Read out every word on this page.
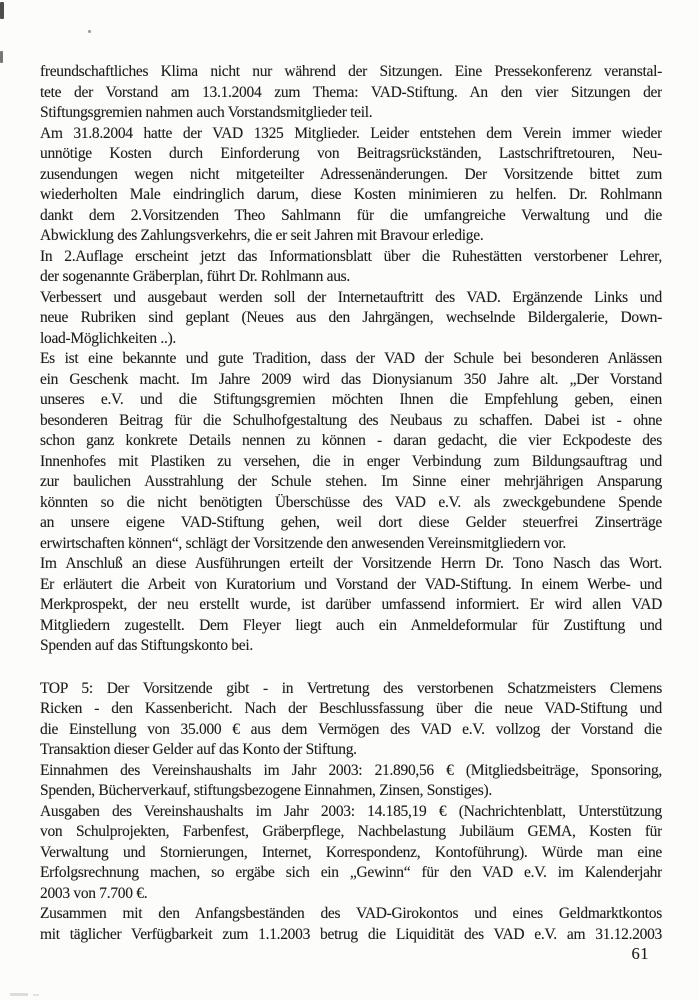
freundschaftliches Klima nicht nur während der Sitzungen. Eine Pressekonferenz veranstal-
tete der Vorstand am 13.1.2004 zum Thema: VAD-Stiftung. An den vier Sitzungen der
Stiftungsgremien nahmen auch Vorstandsmitglieder teil.
Am 31.8.2004 hatte der VAD 1325 Mitglieder. Leider entstehen dem Verein immer wieder
unnötige Kosten durch Einforderung von Beitragsrückständen, Lastschriftretouren, Neu-
zusendungen wegen nicht mitgeteilter Adressenänderungen. Der Vorsitzende bittet zum
wiederholten Male eindringlich darum, diese Kosten minimieren zu helfen. Dr. Rohlmann
dankt dem 2.Vorsitzenden Theo Sahlmann für die umfangreiche Verwaltung und die
Abwicklung des Zahlungsverkehrs, die er seit Jahren mit Bravour erledige.
In 2.Auflage erscheint jetzt das Informationsblatt über die Ruhestätten verstorbener Lehrer,
der sogenannte Gräberplan, führt Dr. Rohlmann aus.
Verbessert und ausgebaut werden soll der Internetauftritt des VAD. Ergänzende Links und
neue Rubriken sind geplant (Neues aus den Jahrgängen, wechselnde Bildergalerie, Down-
load-Möglichkeiten ..).
Es ist eine bekannte und gute Tradition, dass der VAD der Schule bei besonderen Anlässen
ein Geschenk macht. Im Jahre 2009 wird das Dionysianum 350 Jahre alt. „Der Vorstand
unseres e.V. und die Stiftungsgremien möchten Ihnen die Empfehlung geben, einen
besonderen Beitrag für die Schulhofgestaltung des Neubaus zu schaffen. Dabei ist - ohne
schon ganz konkrete Details nennen zu können - daran gedacht, die vier Eckpodeste des
Innenhofes mit Plastiken zu versehen, die in enger Verbindung zum Bildungsauftrag und
zur baulichen Ausstrahlung der Schule stehen. Im Sinne einer mehrjährigen Ansparung
könnten so die nicht benötigten Überschüsse des VAD e.V. als zweckgebundene Spende
an unsere eigene VAD-Stiftung gehen, weil dort diese Gelder steuerfrei Zinserträge
erwirtschaften können“, schlägt der Vorsitzende den anwesenden Vereinsmitgliedern vor.
Im Anschluß an diese Ausführungen erteilt der Vorsitzende Herrn Dr. Tono Nasch das Wort.
Er erläutert die Arbeit von Kuratorium und Vorstand der VAD-Stiftung. In einem Werbe- und
Merkprospekt, der neu erstellt wurde, ist darüber umfassend informiert. Er wird allen VAD
Mitgliedern zugestellt. Dem Fleyer liegt auch ein Anmeldeformular für Zustiftung und
Spenden auf das Stiftungskonto bei.
TOP 5: Der Vorsitzende gibt - in Vertretung des verstorbenen Schatzmeisters Clemens
Ricken - den Kassenbericht. Nach der Beschlussfassung über die neue VAD-Stiftung und
die Einstellung von 35.000 € aus dem Vermögen des VAD e.V. vollzog der Vorstand die
Transaktion dieser Gelder auf das Konto der Stiftung.
Einnahmen des Vereinshaushalts im Jahr 2003: 21.890,56 € (Mitgliedsbeiträge, Sponsoring,
Spenden, Bücherverkauf, stiftungsbezogene Einnahmen, Zinsen, Sonstiges).
Ausgaben des Vereinshaushalts im Jahr 2003: 14.185,19 € (Nachrichtenblatt, Unterstützung
von Schulprojekten, Farbenfest, Gräberpflege, Nachbelastung Jubiläum GEMA, Kosten für
Verwaltung und Stornierungen, Internet, Korrespondenz, Kontoführung). Würde man eine
Erfolgsrechnung machen, so ergäbe sich ein „Gewinn“ für den VAD e.V. im Kalenderjahr
2003 von 7.700 €.
Zusammen mit den Anfangsbeständen des VAD-Girokontos und eines Geldmarktkontos
mit täglicher Verfügbarkeit zum 1.1.2003 betrug die Liquidität des VAD e.V. am 31.12.2003
61
